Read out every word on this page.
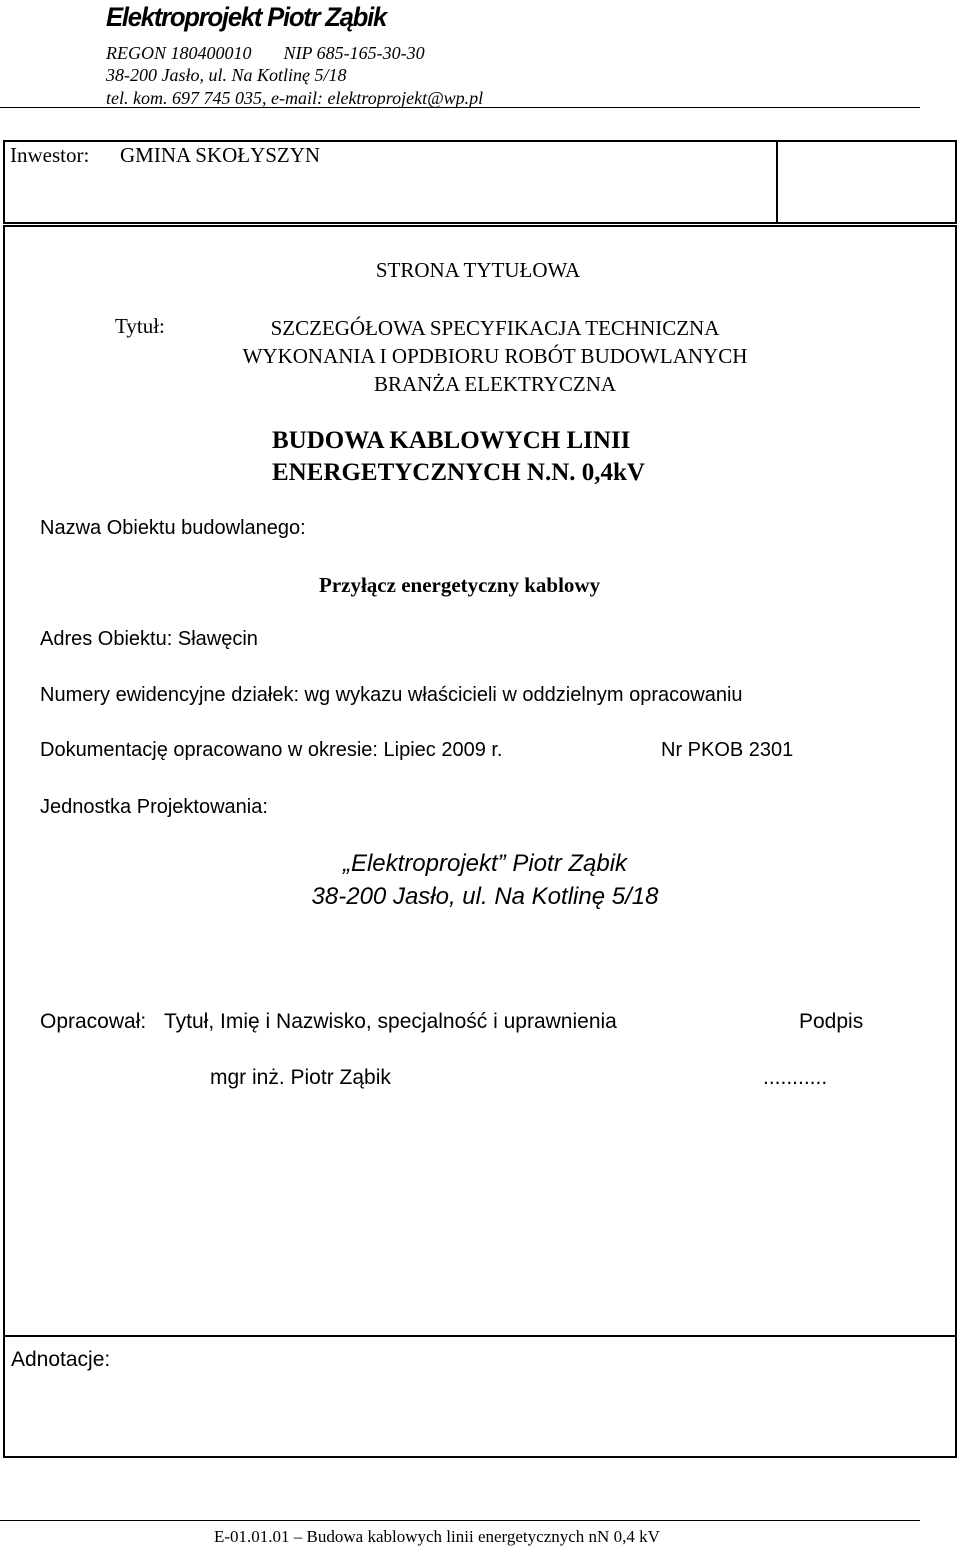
Elektroprojekt Piotr Ząbik
REGON 180400010 NIP 685-165-30-30
38-200 Jasło, ul. Na Kotlinę 5/18
tel. kom. 697 745 035, e-mail: elektroprojekt@wp.pl
Inwestor: GMINA SKOŁYSZYN
STRONA TYTUŁOWA
Tytuł:	SZCZEGÓŁOWA SPECYFIKACJA TECHNICZNA
WYKONANIA I OPDBIORU ROBÓT BUDOWLANYCH
BRANŻA ELEKTRYCZNA
BUDOWA KABLOWYCH LINII
ENERGETYCZNYCH N.N. 0,4kV
Nazwa Obiektu budowlanego:
Przyłącz energetyczny kablowy
Adres Obiektu: Sławęcin
Numery ewidencyjne działek: wg wykazu właścicieli w oddzielnym opracowaniu
Dokumentację opracowano w okresie: Lipiec 2009 r.	Nr PKOB 2301
Jednostka Projektowania:
„Elektroprojekt” Piotr Ząbik
38-200 Jasło, ul. Na Kotlinę 5/18
Opracował: Tytuł, Imię i Nazwisko, specjalność i uprawnienia	Podpis
mgr inż. Piotr Ząbik	...........
Adnotacje:
E-01.01.01 – Budowa kablowych linii energetycznych nN 0,4 kV
